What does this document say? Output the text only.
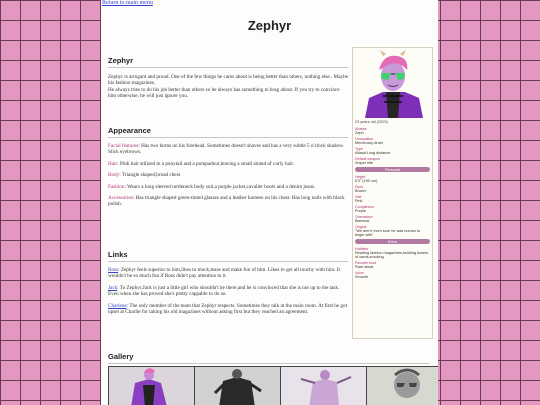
Return to main menu
Zephyr
Zephyr

Zephyr is arrogant and proud. One of the few things he cares about is being better than others, nothing else.. Maybe his fashion magazines.

He always tries to do his job better than others so he always has something to brag about. If you try to convince him otherwise, he will just ignore you.

Appearance

Facial features: Has two horns on his forehead. Sometimes doesn't shaves and has a very subtle 5 o'clock shadow. Slick eyebrows.

Hair: Pink hair stilized in a ponytail and a pompadour,leaving a small strand of curly hair.

Body: Triangle shaped,broad chest

Fashion: Wears a long sleeved turtleneck body suit,a purple jacket,cavalier boots and a denim jeans.

Accessories: Has triangle shaped green-tinted glasses and a leather harness on his chest. Has long nails with black polish.

Links

Ross: Zephyr feels superior to him,likes to mock,tease and make fun of him. Likes to get all touchy with him. It wouldn't be so much fun if Ross didn't pay attention to it.

Jack: To Zephyr,Jack is just a little girl who shouldn't be there,and he is convinced that she is not up to the task. Even when she has proved she's pretty cappable to do so.

Charlene: The only member of the team that Zephyr respects. Sometimes they talk at the main room. At first he got upset at Charlie for taking his old magazines without asking first but they reached an agreement.

Gallery
23 years old (2003)
Aliases
Zeph
Occupation
Mercenary-droid
Type
Attack/Long distance
Default weapon
Sniper rifle
Personal
Height
6'3" (190 cm)
Eyes
Brown
Hair
Pink
Complexion
Purple
Orientation
Bisexual
Origins
"We aren't even sure he was human to begin with"
Extra
Hobbies
Reading fashion magazines,building towers of cards,smoking
Favorite food
Rare steak
Voice
Smooth
